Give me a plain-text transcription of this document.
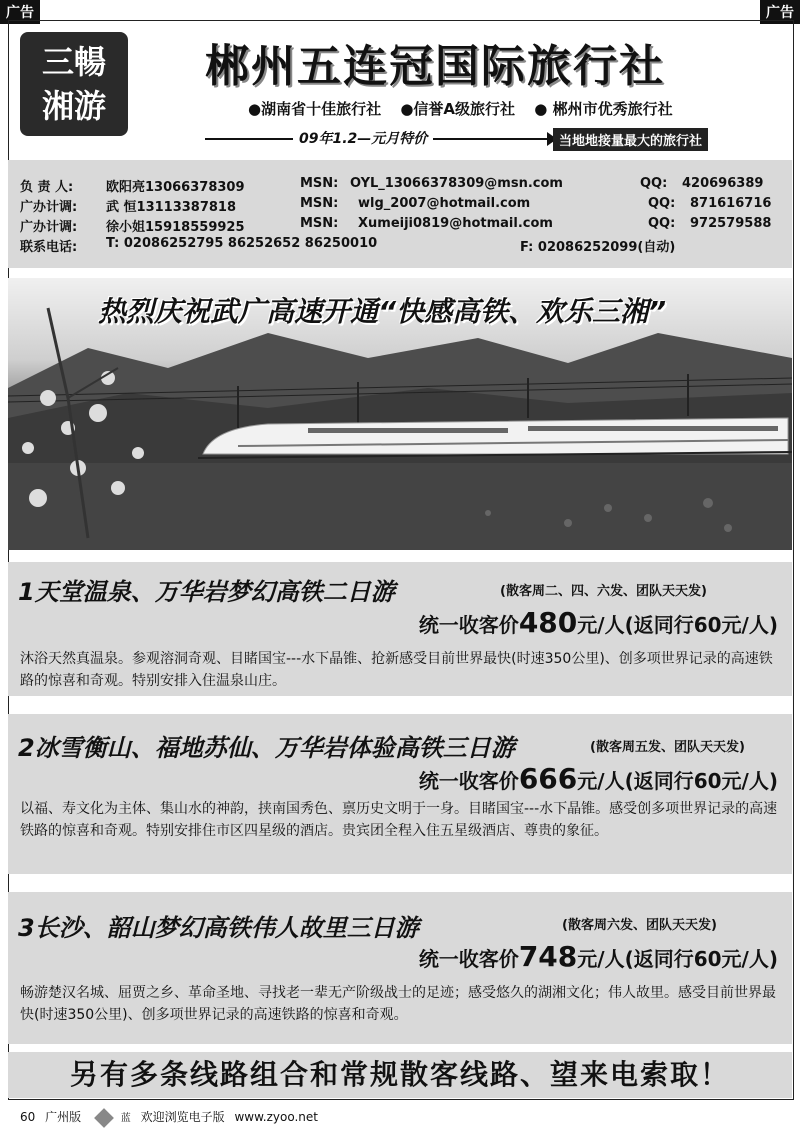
广告	广告
三暢
湘游
郴州五连冠国际旅行社
●湖南省十佳旅行社 ●信誉A级旅行社 ● 郴州市优秀旅行社
09年1.2—元月特价	当地地接量最大的旅行社
负 责 人:	欧阳亮13066378309	MSN: OYL_13066378309@msn.com	QQ: 420696389
广办计调: 武 恒13113387818	MSN: wlg_2007@hotmail.com	QQ: 871616716
广办计调: 徐小姐15918559925	MSN: Xumeiji0819@hotmail.com	QQ: 972579588
联系电话: T: 02086252795 86252652 86250010	F: 02086252099(自动)
热烈庆祝武广高速开通“快感高铁、欢乐三湘”
1天堂温泉、万华岩梦幻高铁二日游	(散客周二、四、六发、团队天天发)
统一收客价480元/人(返同行60元/人)
沐浴天然真温泉。参观溶洞奇观、目睹国宝---水下晶锥、抢新感受目前世界最快(时速350公里)、创多项世界记录的高速铁路的惊喜和奇观。特别安排入住温泉山庄。
2冰雪衡山、福地苏仙、万华岩体验高铁三日游	(散客周五发、团队天天发)
统一收客价666元/人(返同行60元/人)
以福、寿文化为主体、集山水的神韵，挟南国秀色、禀历史文明于一身。目睹国宝---水下晶锥。感受创多项世界记录的高速铁路的惊喜和奇观。特别安排住市区四星级的酒店。贵宾团全程入住五星级酒店、尊贵的象征。
3长沙、韶山梦幻高铁伟人故里三日游	(散客周六发、团队天天发)
统一收客价748元/人(返同行60元/人)
畅游楚汉名城、屈贾之乡、革命圣地、寻找老一辈无产阶级战士的足迹；感受悠久的湖湘文化；伟人故里。感受目前世界最快(时速350公里)、创多项世界记录的高速铁路的惊喜和奇观。
另有多条线路组合和常规散客线路、望来电索取！
60 广州版	蓝 欢迎浏览电子版 www.zyoo.net
